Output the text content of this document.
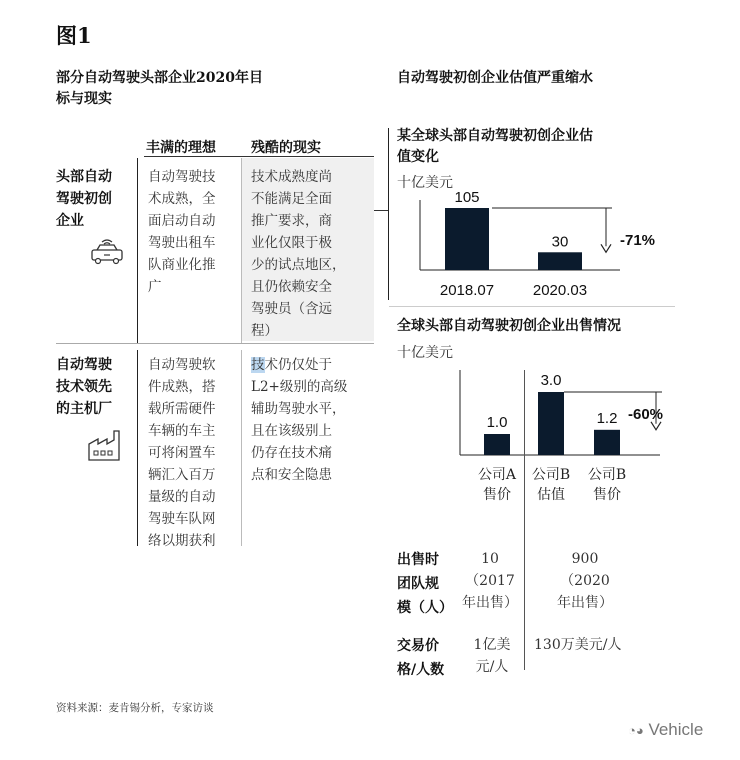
图1
部分自动驾驶头部企业2020年目
标与现实
丰满的理想	残酷的现实
头部自动
驾驶初创
企业
自动驾驶技
术成熟，全
面启动自动
驾驶出租车
队商业化推
广
技术成熟度尚
不能满足全面
推广要求，商
业化仅限于极
少的试点地区，
且仍依赖安全
驾驶员（含远
程）
自动驾驶
技术领先
的主机厂
自动驾驶软
件成熟，搭
载所需硬件
车辆的车主
可将闲置车
辆汇入百万
量级的自动
驾驶车队网
络以期获利
技术仍仅处于
L2+级别的高级
辅助驾驶水平，
且在该级别上
仍存在技术痛
点和安全隐患
自动驾驶初创企业估值严重缩水
某全球头部自动驾驶初创企业估
值变化
十亿美元
105
2018.07
30
2020.03
-71%
全球头部自动驾驶初创企业出售情况
十亿美元
1.0
公司A
售价
3.0
公司B
估值
1.2
公司B
售价
-60%
出售时
团队规
模（人）
10
（2017
年出售）
900
（2020
年出售）
交易价
格/人数
1亿美
元/人
130万美元/人
资料来源：麦肯锡分析，专家访谈
◔◕ Vehicle
